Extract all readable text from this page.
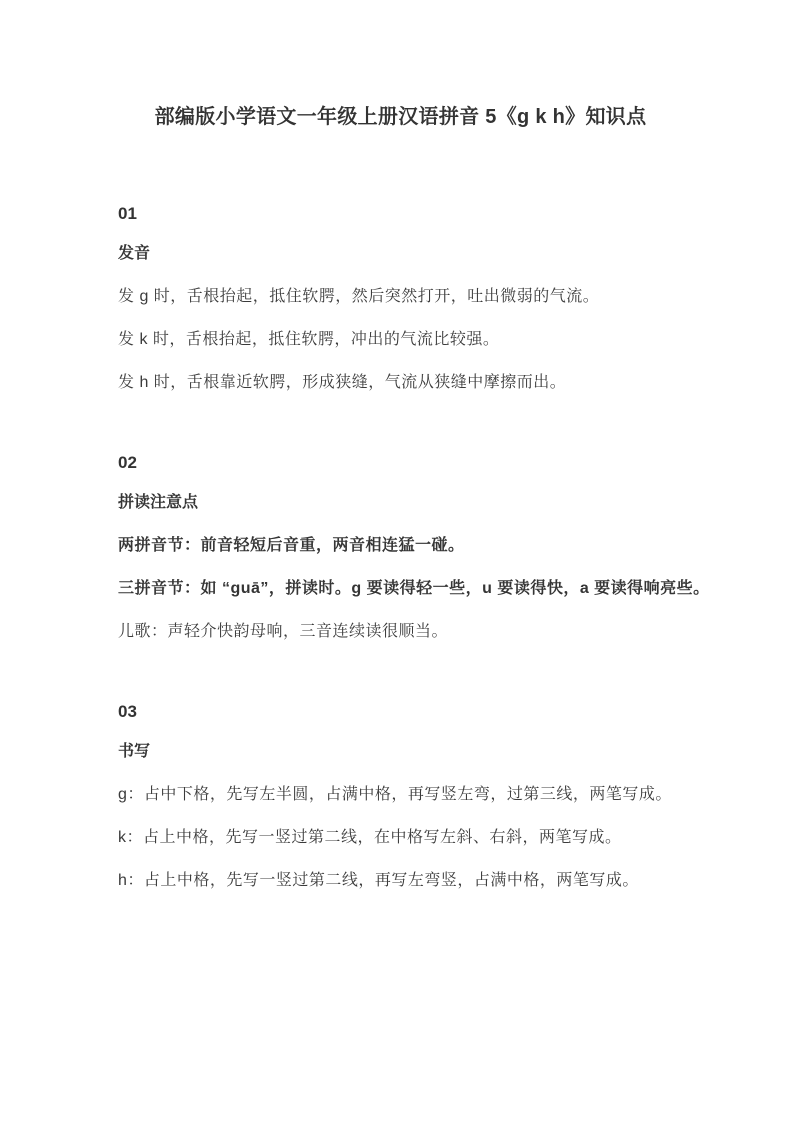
部编版小学语文一年级上册汉语拼音 5《g k h》知识点

01

发音

发 g 时，舌根抬起，抵住软腭，然后突然打开，吐出微弱的气流。

发 k 时，舌根抬起，抵住软腭，冲出的气流比较强。

发 h 时，舌根靠近软腭，形成狭缝，气流从狭缝中摩擦而出。

02

拼读注意点

两拼音节：前音轻短后音重，两音相连猛一碰。

三拼音节：如 “guā”，拼读时。g 要读得轻一些，u 要读得快，a 要读得响亮些。

儿歌：声轻介快韵母响，三音连续读很顺当。

03

书写

g：占中下格，先写左半圆，占满中格，再写竖左弯，过第三线，两笔写成。

k：占上中格，先写一竖过第二线，在中格写左斜、右斜，两笔写成。

h：占上中格，先写一竖过第二线，再写左弯竖，占满中格，两笔写成。
